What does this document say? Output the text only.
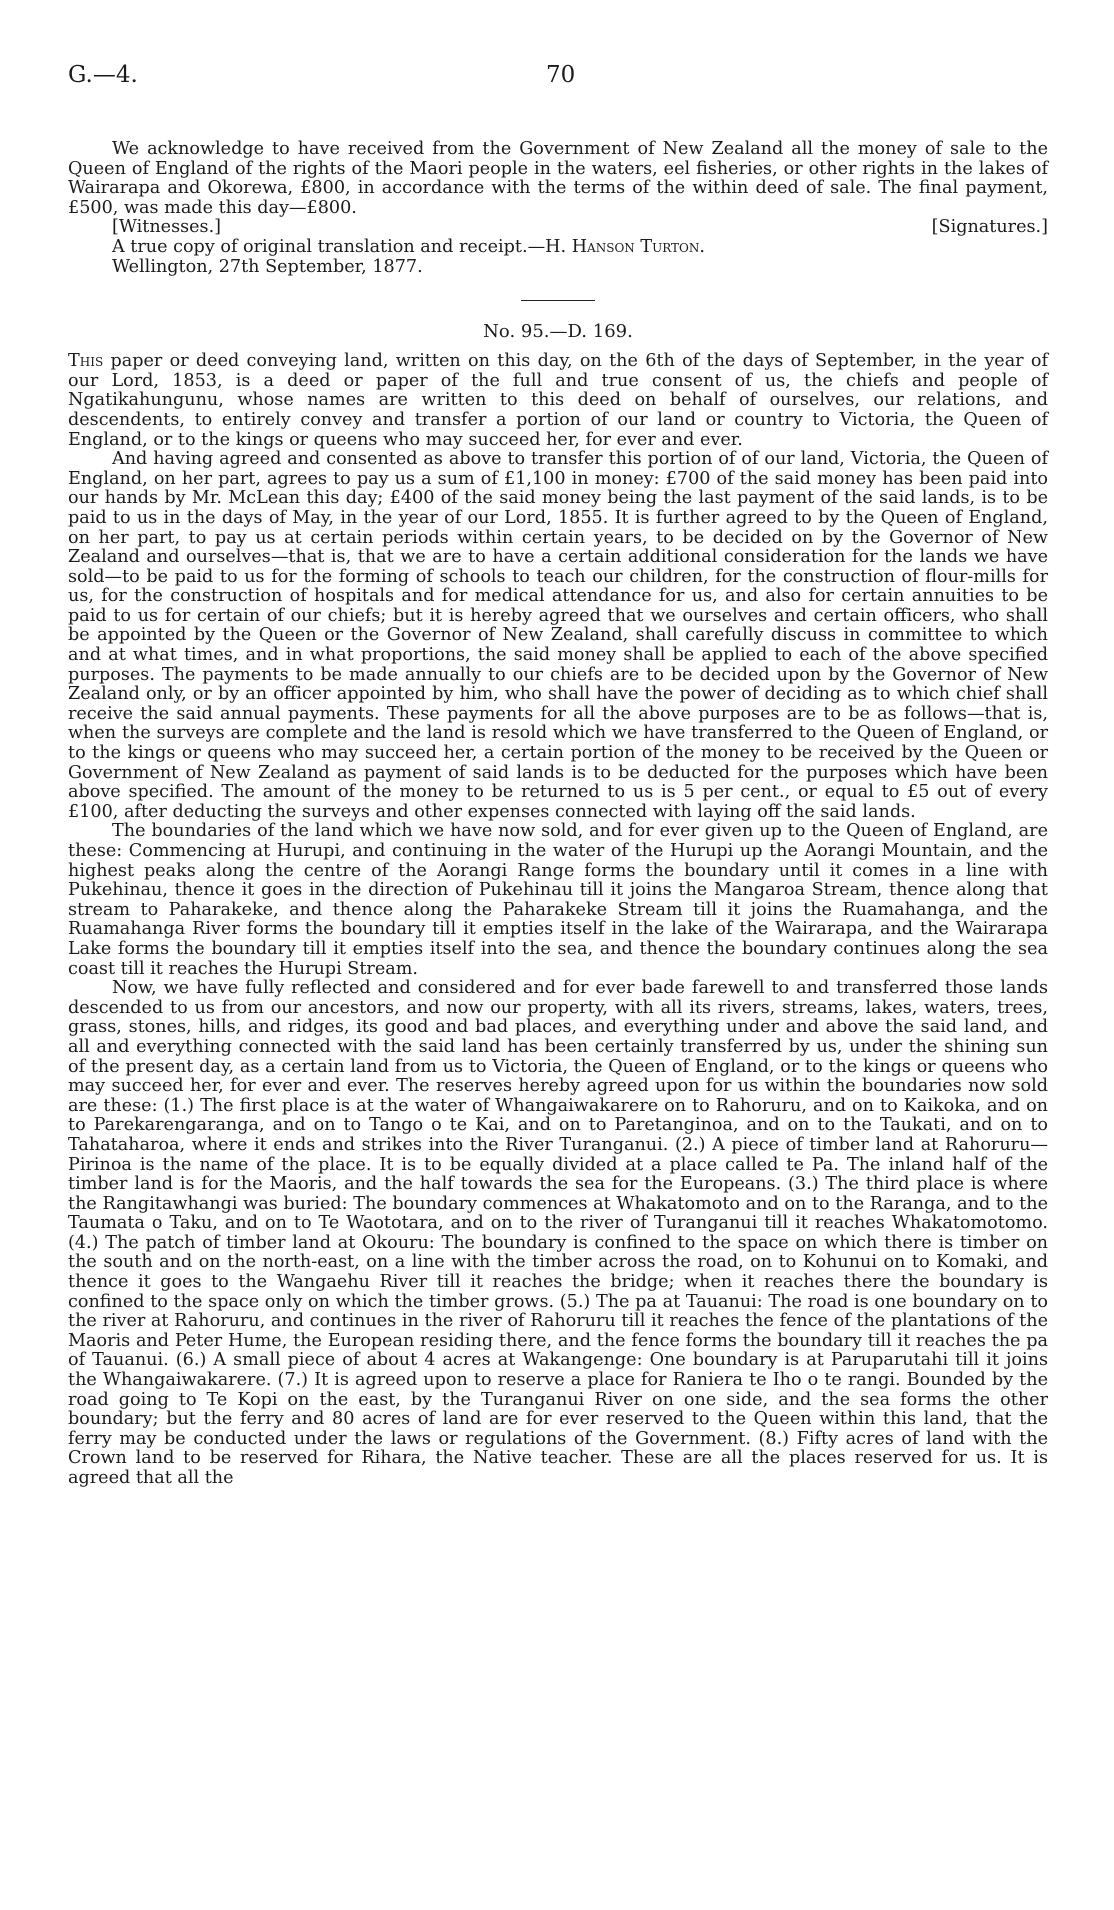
G.—4.	70

We acknowledge to have received from the Government of New Zealand all the money of sale to the Queen of England of the rights of the Maori people in the waters, eel fisheries, or other rights in the lakes of Wairarapa and Okorewa, £800, in accordance with the terms of the within deed of sale. The final payment, £500, was made this day—£800.

[Witnesses.]	[Signatures.]
A true copy of original translation and receipt.—H. Hanson Turton.
Wellington, 27th September, 1877.
No. 95.—D. 169.

This paper or deed conveying land, written on this day, on the 6th of the days of September, in the year of our Lord, 1853, is a deed or paper of the full and true consent of us, the chiefs and people of Ngatikahungunu, whose names are written to this deed on behalf of ourselves, our relations, and descendents, to entirely convey and transfer a portion of our land or country to Victoria, the Queen of England, or to the kings or queens who may succeed her, for ever and ever.

And having agreed and consented as above to transfer this portion of of our land, Victoria, the Queen of England, on her part, agrees to pay us a sum of £1,100 in money: £700 of the said money has been paid into our hands by Mr. McLean this day; £400 of the said money being the last payment of the said lands, is to be paid to us in the days of May, in the year of our Lord, 1855. It is further agreed to by the Queen of England, on her part, to pay us at certain periods within certain years, to be decided on by the Governor of New Zealand and ourselves—that is, that we are to have a certain additional consideration for the lands we have sold—to be paid to us for the forming of schools to teach our children, for the construction of flour-mills for us, for the construction of hospitals and for medical attendance for us, and also for certain annuities to be paid to us for certain of our chiefs; but it is hereby agreed that we ourselves and certain officers, who shall be appointed by the Queen or the Governor of New Zealand, shall carefully discuss in committee to which and at what times, and in what proportions, the said money shall be applied to each of the above specified purposes. The payments to be made annually to our chiefs are to be decided upon by the Governor of New Zealand only, or by an officer appointed by him, who shall have the power of deciding as to which chief shall receive the said annual payments. These payments for all the above purposes are to be as follows—that is, when the surveys are complete and the land is resold which we have transferred to the Queen of England, or to the kings or queens who may succeed her, a certain portion of the money to be received by the Queen or Government of New Zealand as payment of said lands is to be deducted for the purposes which have been above specified. The amount of the money to be returned to us is 5 per cent., or equal to £5 out of every £100, after deducting the surveys and other expenses connected with laying off the said lands.

The boundaries of the land which we have now sold, and for ever given up to the Queen of England, are these: Commencing at Hurupi, and continuing in the water of the Hurupi up the Aorangi Mountain, and the highest peaks along the centre of the Aorangi Range forms the boundary until it comes in a line with Pukehinau, thence it goes in the direction of Pukehinau till it joins the Mangaroa Stream, thence along that stream to Paharakeke, and thence along the Paharakeke Stream till it joins the Ruamahanga, and the Ruamahanga River forms the boundary till it empties itself in the lake of the Wairarapa, and the Wairarapa Lake forms the boundary till it empties itself into the sea, and thence the boundary continues along the sea coast till it reaches the Hurupi Stream.

Now, we have fully reflected and considered and for ever bade farewell to and transferred those lands descended to us from our ancestors, and now our property, with all its rivers, streams, lakes, waters, trees, grass, stones, hills, and ridges, its good and bad places, and everything under and above the said land, and all and everything connected with the said land has been certainly transferred by us, under the shining sun of the present day, as a certain land from us to Victoria, the Queen of England, or to the kings or queens who may succeed her, for ever and ever. The reserves hereby agreed upon for us within the boundaries now sold are these: (1.) The first place is at the water of Whangaiwakarere on to Rahoruru, and on to Kaikoka, and on to Parekarengaranga, and on to Tango o te Kai, and on to Paretanginoa, and on to the Taukati, and on to Tahataharoa, where it ends and strikes into the River Turanganui. (2.) A piece of timber land at Rahoruru—Pirinoa is the name of the place. It is to be equally divided at a place called te Pa. The inland half of the timber land is for the Maoris, and the half towards the sea for the Europeans. (3.) The third place is where the Rangitawhangi was buried: The boundary commences at Whakatomoto and on to the Raranga, and to the Taumata o Taku, and on to Te Waototara, and on to the river of Turanganui till it reaches Whakatomotomo. (4.) The patch of timber land at Okouru: The boundary is confined to the space on which there is timber on the south and on the north-east, on a line with the timber across the road, on to Kohunui on to Komaki, and thence it goes to the Wangaehu River till it reaches the bridge; when it reaches there the boundary is confined to the space only on which the timber grows. (5.) The pa at Tauanui: The road is one boundary on to the river at Rahoruru, and continues in the river of Rahoruru till it reaches the fence of the plantations of the Maoris and Peter Hume, the European residing there, and the fence forms the boundary till it reaches the pa of Tauanui. (6.) A small piece of about 4 acres at Wakangenge: One boundary is at Paruparutahi till it joins the Whangaiwakarere. (7.) It is agreed upon to reserve a place for Raniera te Iho o te rangi. Bounded by the road going to Te Kopi on the east, by the Turanganui River on one side, and the sea forms the other boundary; but the ferry and 80 acres of land are for ever reserved to the Queen within this land, that the ferry may be conducted under the laws or regulations of the Government. (8.) Fifty acres of land with the Crown land to be reserved for Rihara, the Native teacher. These are all the places reserved for us. It is agreed that all the
